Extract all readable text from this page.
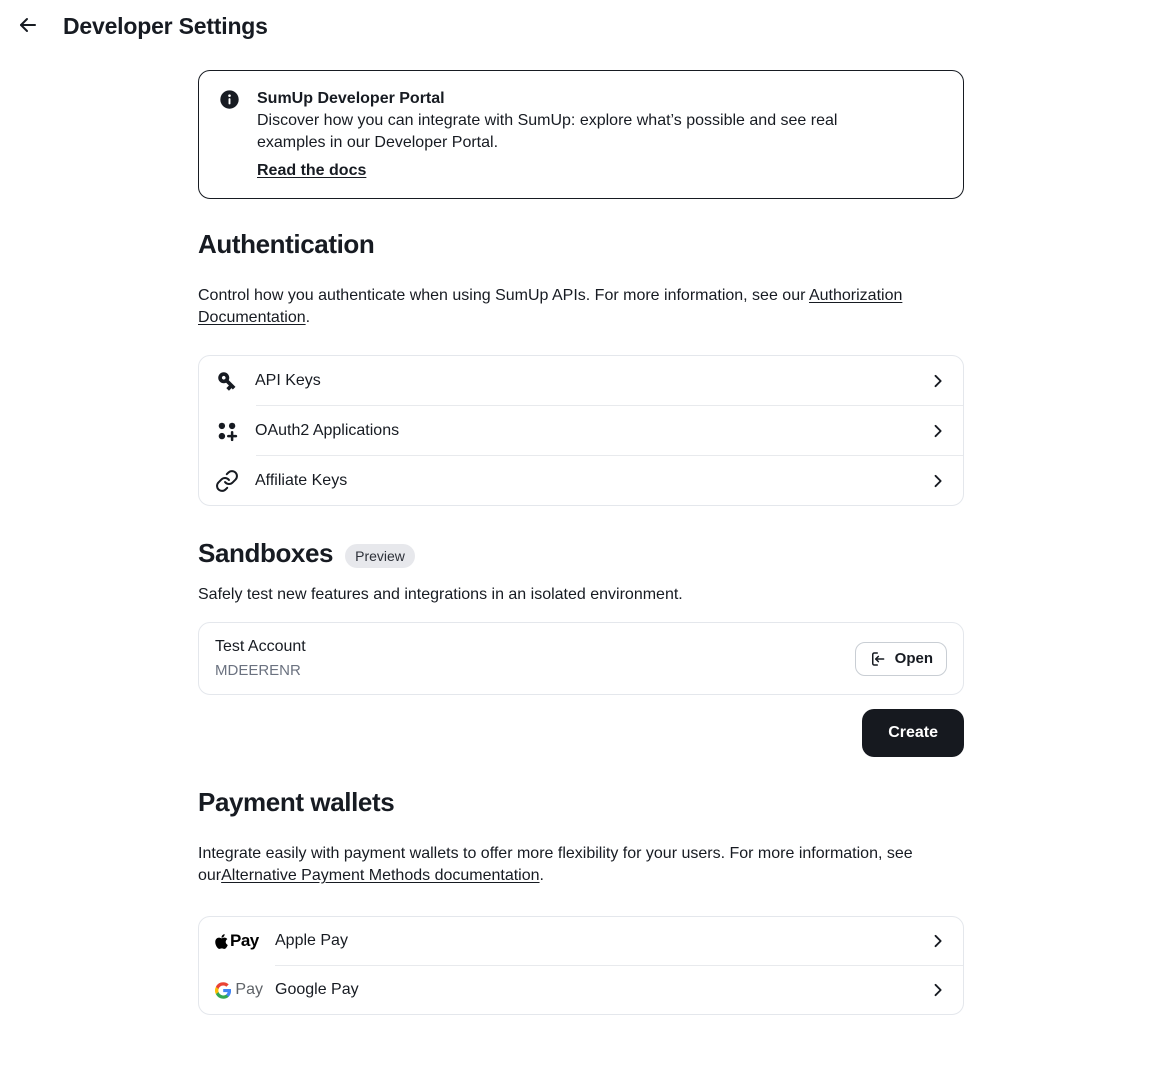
Developer Settings
SumUp Developer Portal

Discover how you can integrate with SumUp: explore what’s possible and see real examples in our Developer Portal.

Read the docs
Authentication

Control how you authenticate when using SumUp APIs. For more information, see our Authorization Documentation.

API Keys
OAuth2 Applications
Affiliate Keys
Sandboxes	Preview

Safely test new features and integrations in an isolated environment.

Test Account
MDEERENR
Open
Create
Payment wallets

Integrate easily with payment wallets to offer more flexibility for your users. For more information, see ourAlternative Payment Methods documentation.

Pay Apple Pay
Pay Google Pay
